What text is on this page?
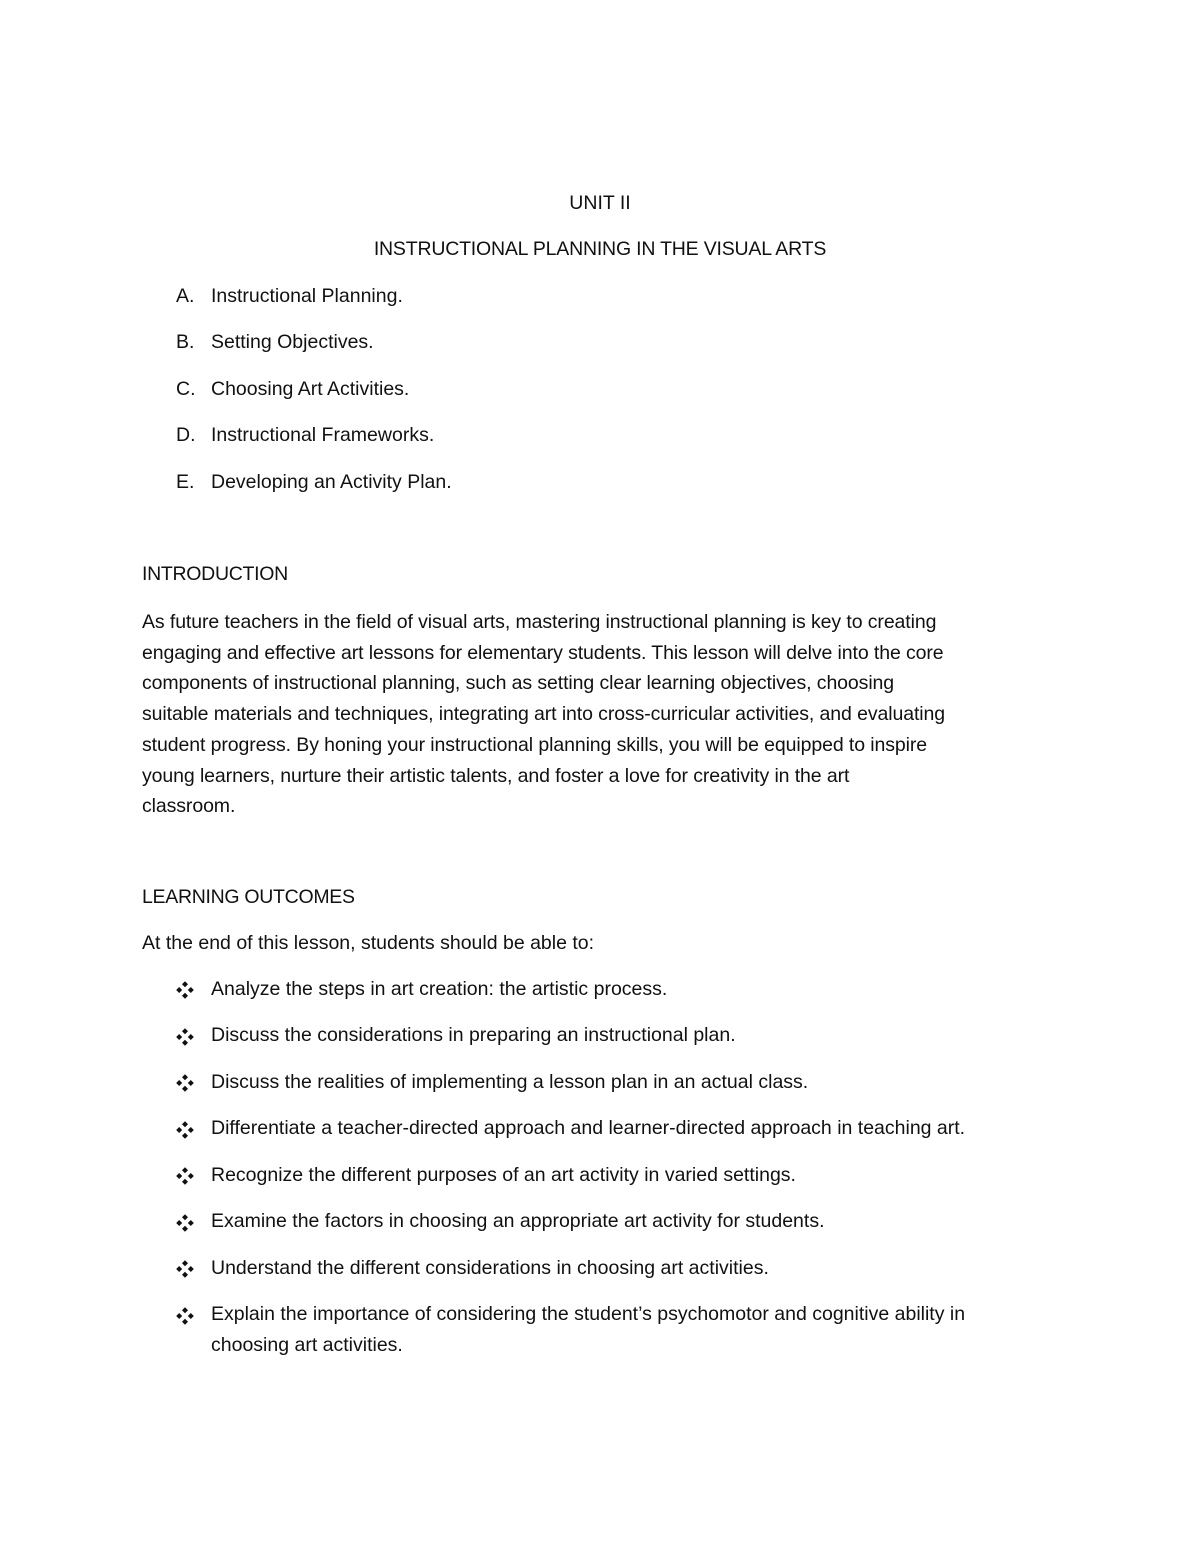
UNIT II
INSTRUCTIONAL PLANNING IN THE VISUAL ARTS
A. Instructional Planning.
B. Setting Objectives.
C. Choosing Art Activities.
D. Instructional Frameworks.
E. Developing an Activity Plan.
INTRODUCTION
As future teachers in the field of visual arts, mastering instructional planning is key to creating
engaging and effective art lessons for elementary students. This lesson will delve into the core
components of instructional planning, such as setting clear learning objectives, choosing
suitable materials and techniques, integrating art into cross-curricular activities, and evaluating
student progress. By honing your instructional planning skills, you will be equipped to inspire
young learners, nurture their artistic talents, and foster a love for creativity in the art
classroom.
LEARNING OUTCOMES
At the end of this lesson, students should be able to:
Analyze the steps in art creation: the artistic process.
Discuss the considerations in preparing an instructional plan.
Discuss the realities of implementing a lesson plan in an actual class.
Differentiate a teacher-directed approach and learner-directed approach in teaching art.
Recognize the different purposes of an art activity in varied settings.
Examine the factors in choosing an appropriate art activity for students.
Understand the different considerations in choosing art activities.
Explain the importance of considering the student’s psychomotor and cognitive ability in
choosing art activities.
